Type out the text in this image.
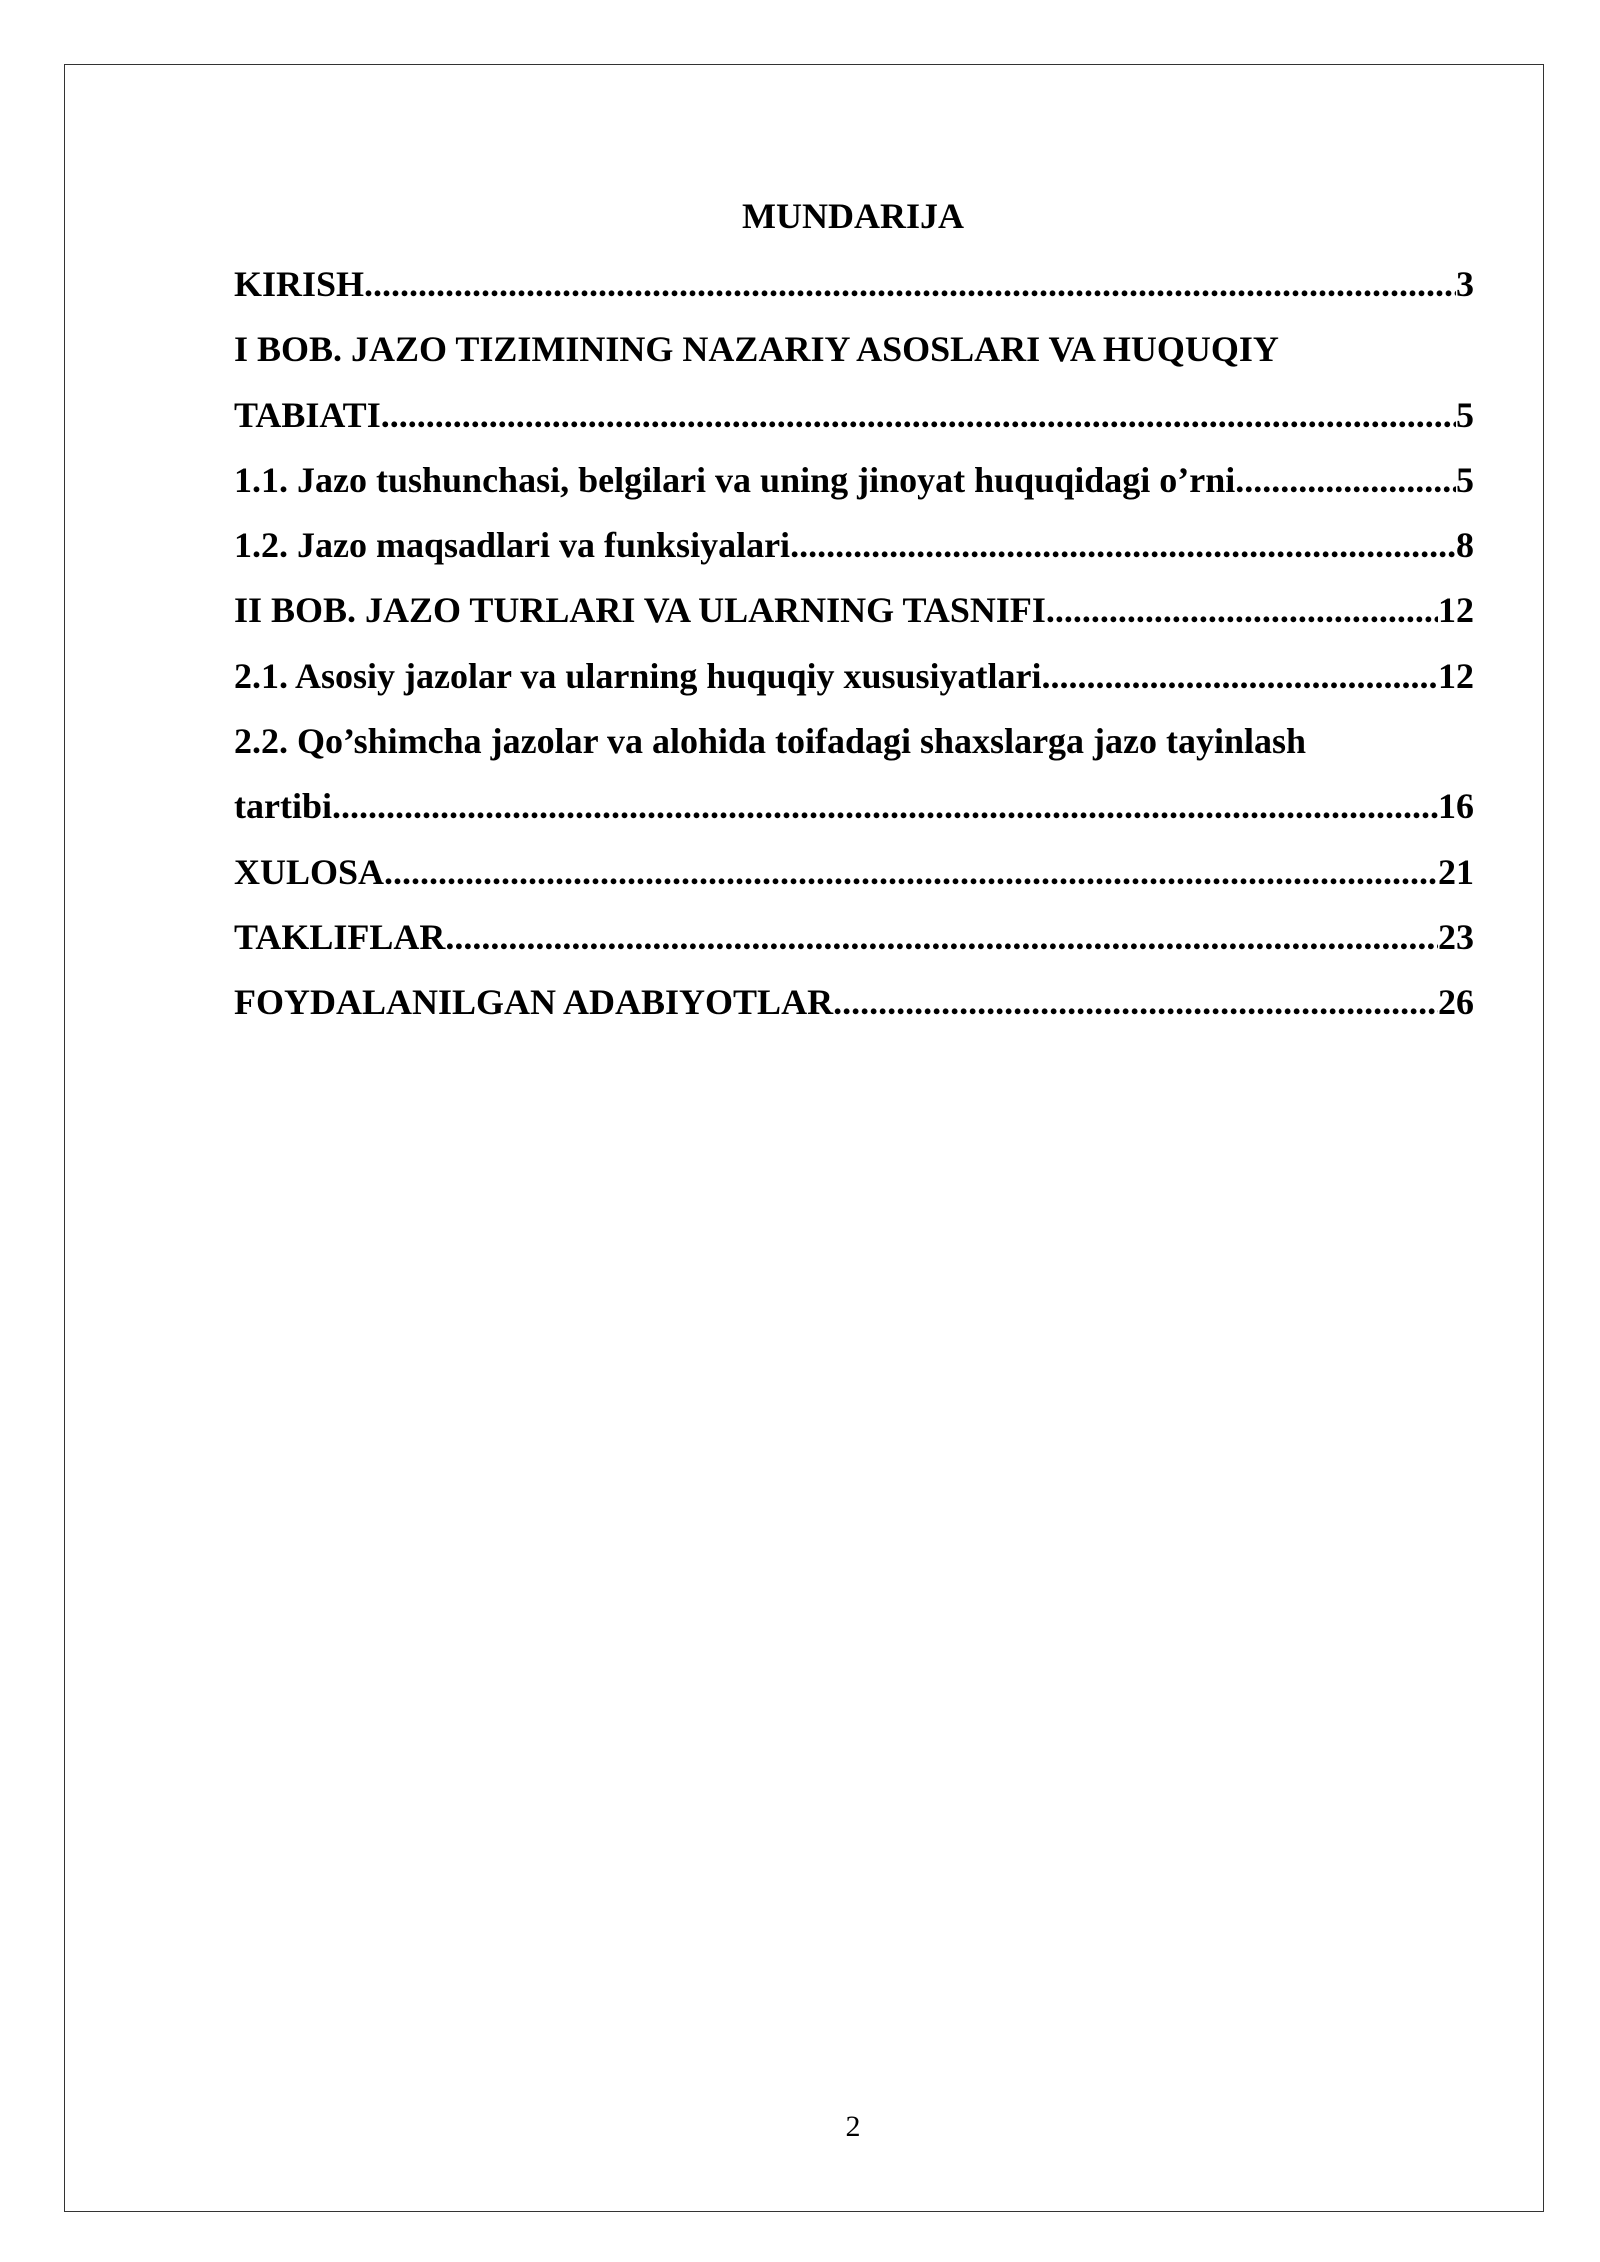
MUNDARIJA
KIRISH .....	3
I BOB. JAZO TIZIMINING NAZARIY ASOSLARI VA HUQUQIY
TABIATI .....	5
1.1. Jazo tushunchasi, belgilari va uning jinoyat huquqidagi o’rni .....	5
1.2. Jazo maqsadlari va funksiyalari .....	8
II BOB. JAZO TURLARI VA ULARNING TASNIFI .....	12
2.1. Asosiy jazolar va ularning huquqiy xususiyatlari .....	12
2.2. Qo’shimcha jazolar va alohida toifadagi shaxslarga jazo tayinlash
tartibi .....	16
XULOSA .....	21
TAKLIFLAR .....	23
FOYDALANILGAN ADABIYOTLAR .....	26
2
